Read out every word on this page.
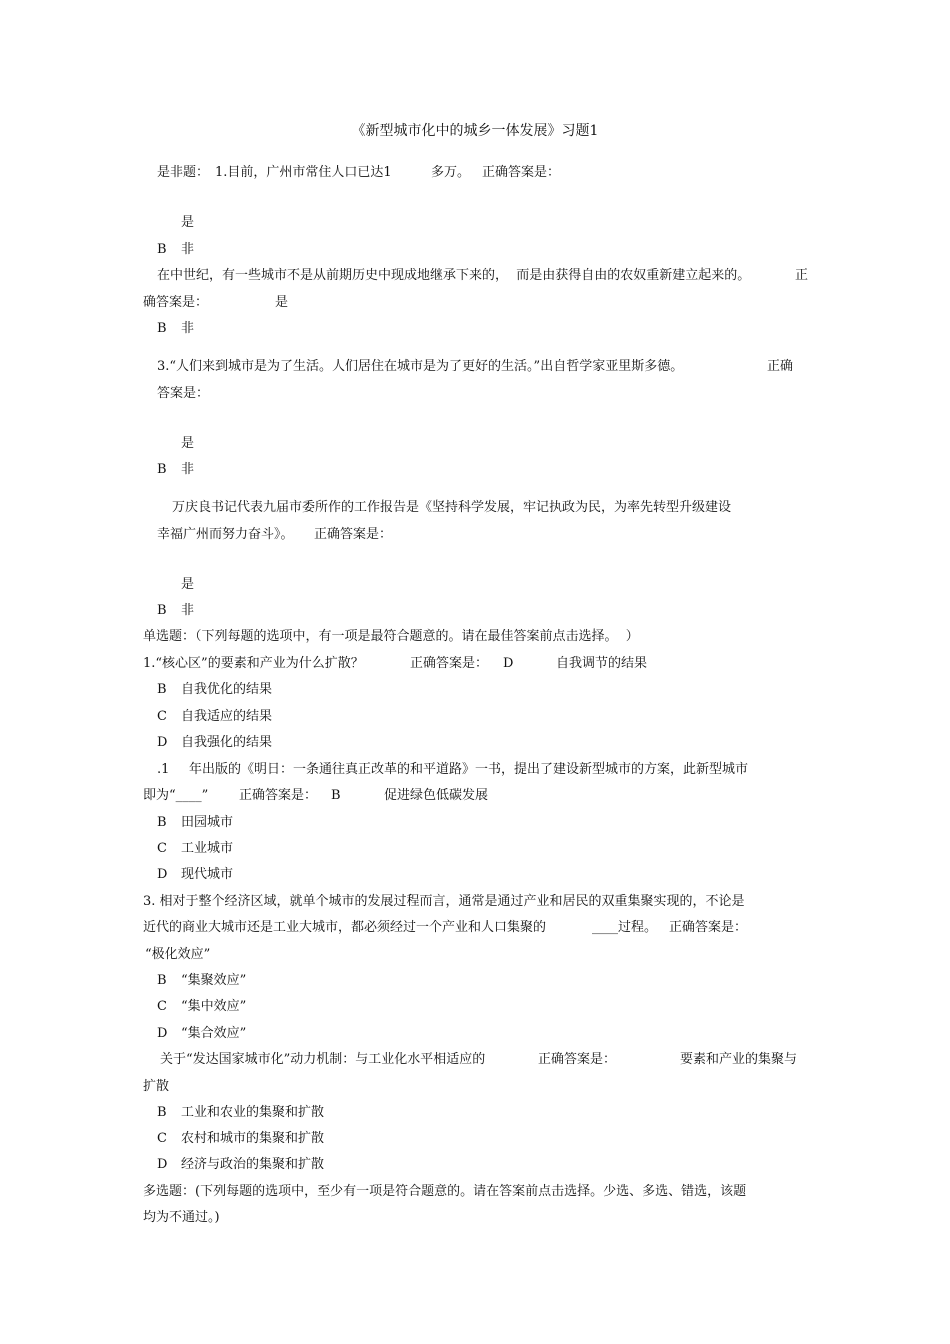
《新型城市化中的城乡一体发展》习题1
是非题： 1.目前，广州市常住人口已达1	多万。 正确答案是：
是
B 非
在中世纪，有一些城市不是从前期历史中现成地继承下来的，  而是由获得自由的农奴重新建立起来的。	正
确答案是：	是
B 非
3.“人们来到城市是为了生活。人们居住在城市是为了更好的生活。”出自哲学家亚里斯多德。	正确
答案是：
是
B 非
万庆良书记代表九届市委所作的工作报告是《坚持科学发展，牢记执政为民，为率先转型升级建设
幸福广州而努力奋斗》。 正确答案是：
是
B 非
单选题：（下列每题的选项中，有一项是最符合题意的。请在最佳答案前点击选择。  ）
1.“核心区”的要素和产业为什么扩散？	正确答案是： D	自我调节的结果
B 自我优化的结果
C 自我适应的结果
D 自我强化的结果
.1 年出版的《明日：一条通往真正改革的和平道路》一书，提出了建设新型城市的方案，此新型城市
即为“____” 正确答案是： B	促进绿色低碳发展
B 田园城市
C 工业城市
D 现代城市
3. 相对于整个经济区域，就单个城市的发展过程而言，通常是通过产业和居民的双重集聚实现的，不论是
近代的商业大城市还是工业大城市，都必须经过一个产业和人口集聚的	____过程。 正确答案是：
“极化效应”
B “集聚效应”
C “集中效应”
D “集合效应”
关于“发达国家城市化”动力机制：与工业化水平相适应的	正确答案是：	要素和产业的集聚与
扩散
B 工业和农业的集聚和扩散
C 农村和城市的集聚和扩散
D 经济与政治的集聚和扩散
多选题：(下列每题的选项中，至少有一项是符合题意的。请在答案前点击选择。少选、多选、错选，该题
均为不通过。)
